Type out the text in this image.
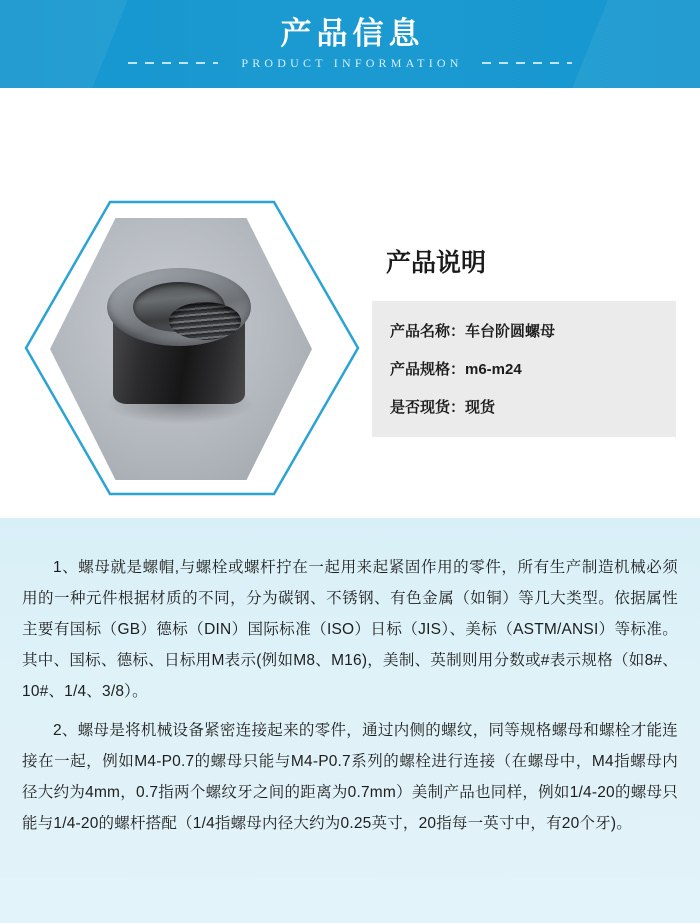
产品信息
PRODUCT INFORMATION
产品说明
产品名称：车台阶圆螺母
产品规格：m6-m24
是否现货：现货

1、螺母就是螺帽,与螺栓或螺杆拧在一起用来起紧固作用的零件，所有生产制造机械必须用的一种元件根据材质的不同，分为碳钢、不锈钢、有色金属（如铜）等几大类型。依据属性主要有国标（GB）德标（DIN）国际标准（ISO）日标（JIS）、美标（ASTM/ANSI）等标准。其中、国标、德标、日标用M表示(例如M8、M16)，美制、英制则用分数或#表示规格（如8#、10#、1/4、3/8）。

2、螺母是将机械设备紧密连接起来的零件，通过内侧的螺纹，同等规格螺母和螺栓才能连接在一起，例如M4-P0.7的螺母只能与M4-P0.7系列的螺栓进行连接（在螺母中，M4指螺母内径大约为4mm，0.7指两个螺纹牙之间的距离为0.7mm）美制产品也同样，例如1/4-20的螺母只能与1/4-20的螺杆搭配（1/4指螺母内径大约为0.25英寸，20指每一英寸中，有20个牙)。
